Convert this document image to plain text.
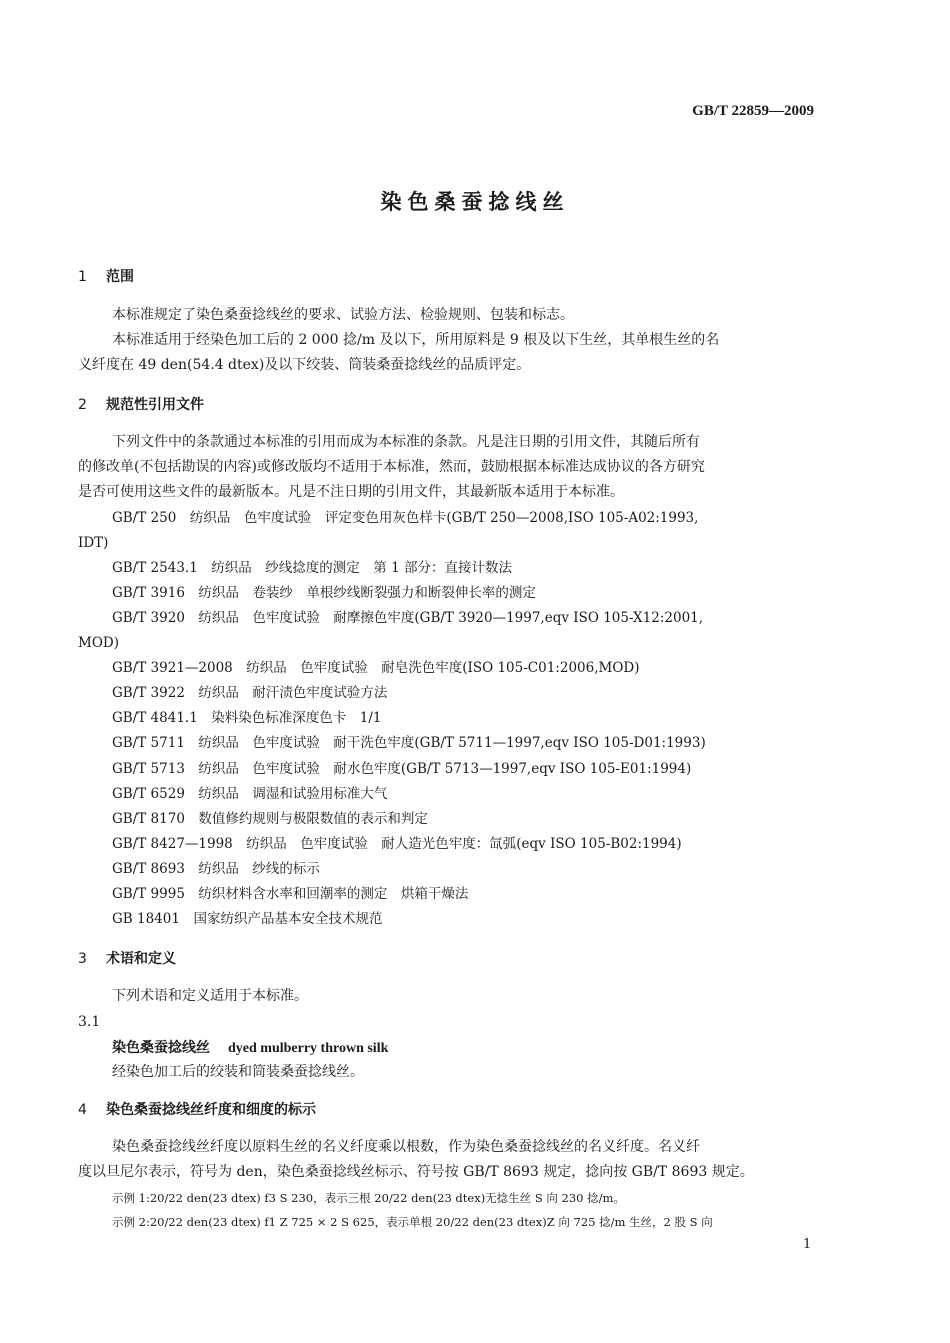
GB/T 22859—2009
染色桑蚕捻线丝
1 范围
本标准规定了染色桑蚕捻线丝的要求、试验方法、检验规则、包装和标志。
本标准适用于经染色加工后的 2 000 捻/m 及以下，所用原料是 9 根及以下生丝，其单根生丝的名
义纤度在 49 den(54.4 dtex)及以下绞装、筒装桑蚕捻线丝的品质评定。
2 规范性引用文件
下列文件中的条款通过本标准的引用而成为本标准的条款。凡是注日期的引用文件，其随后所有
的修改单(不包括勘误的内容)或修改版均不适用于本标准，然而，鼓励根据本标准达成协议的各方研究
是否可使用这些文件的最新版本。凡是不注日期的引用文件，其最新版本适用于本标准。
GB/T 250　纺织品　色牢度试验　评定变色用灰色样卡(GB/T 250—2008,ISO 105-A02:1993,
IDT)
GB/T 2543.1　纺织品　纱线捻度的测定　第 1 部分：直接计数法
GB/T 3916　纺织品　卷装纱　单根纱线断裂强力和断裂伸长率的测定
GB/T 3920　纺织品　色牢度试验　耐摩擦色牢度(GB/T 3920—1997,eqv ISO 105-X12:2001,
MOD)
GB/T 3921—2008　纺织品　色牢度试验　耐皂洗色牢度(ISO 105-C01:2006,MOD)
GB/T 3922　纺织品　耐汗渍色牢度试验方法
GB/T 4841.1　染料染色标准深度色卡　1/1
GB/T 5711　纺织品　色牢度试验　耐干洗色牢度(GB/T 5711—1997,eqv ISO 105-D01:1993)
GB/T 5713　纺织品　色牢度试验　耐水色牢度(GB/T 5713—1997,eqv ISO 105-E01:1994)
GB/T 6529　纺织品　调湿和试验用标准大气
GB/T 8170　数值修约规则与极限数值的表示和判定
GB/T 8427—1998　纺织品　色牢度试验　耐人造光色牢度：氙弧(eqv ISO 105-B02:1994)
GB/T 8693　纺织品　纱线的标示
GB/T 9995　纺织材料含水率和回潮率的测定　烘箱干燥法
GB 18401　国家纺织产品基本安全技术规范
3 术语和定义
下列术语和定义适用于本标准。
3.1
染色桑蚕捻线丝 dyed mulberry thrown silk
经染色加工后的绞装和筒装桑蚕捻线丝。
4 染色桑蚕捻线丝纤度和细度的标示
染色桑蚕捻线丝纤度以原料生丝的名义纤度乘以根数，作为染色桑蚕捻线丝的名义纤度。名义纤
度以旦尼尔表示，符号为 den，染色桑蚕捻线丝标示、符号按 GB/T 8693 规定，捻向按 GB/T 8693 规定。
示例 1:20/22 den(23 dtex) f3 S 230，表示三根 20/22 den(23 dtex)无捻生丝 S 向 230 捻/m。
示例 2:20/22 den(23 dtex) f1 Z 725 × 2 S 625，表示单根 20/22 den(23 dtex)Z 向 725 捻/m 生丝，2 股 S 向
1
